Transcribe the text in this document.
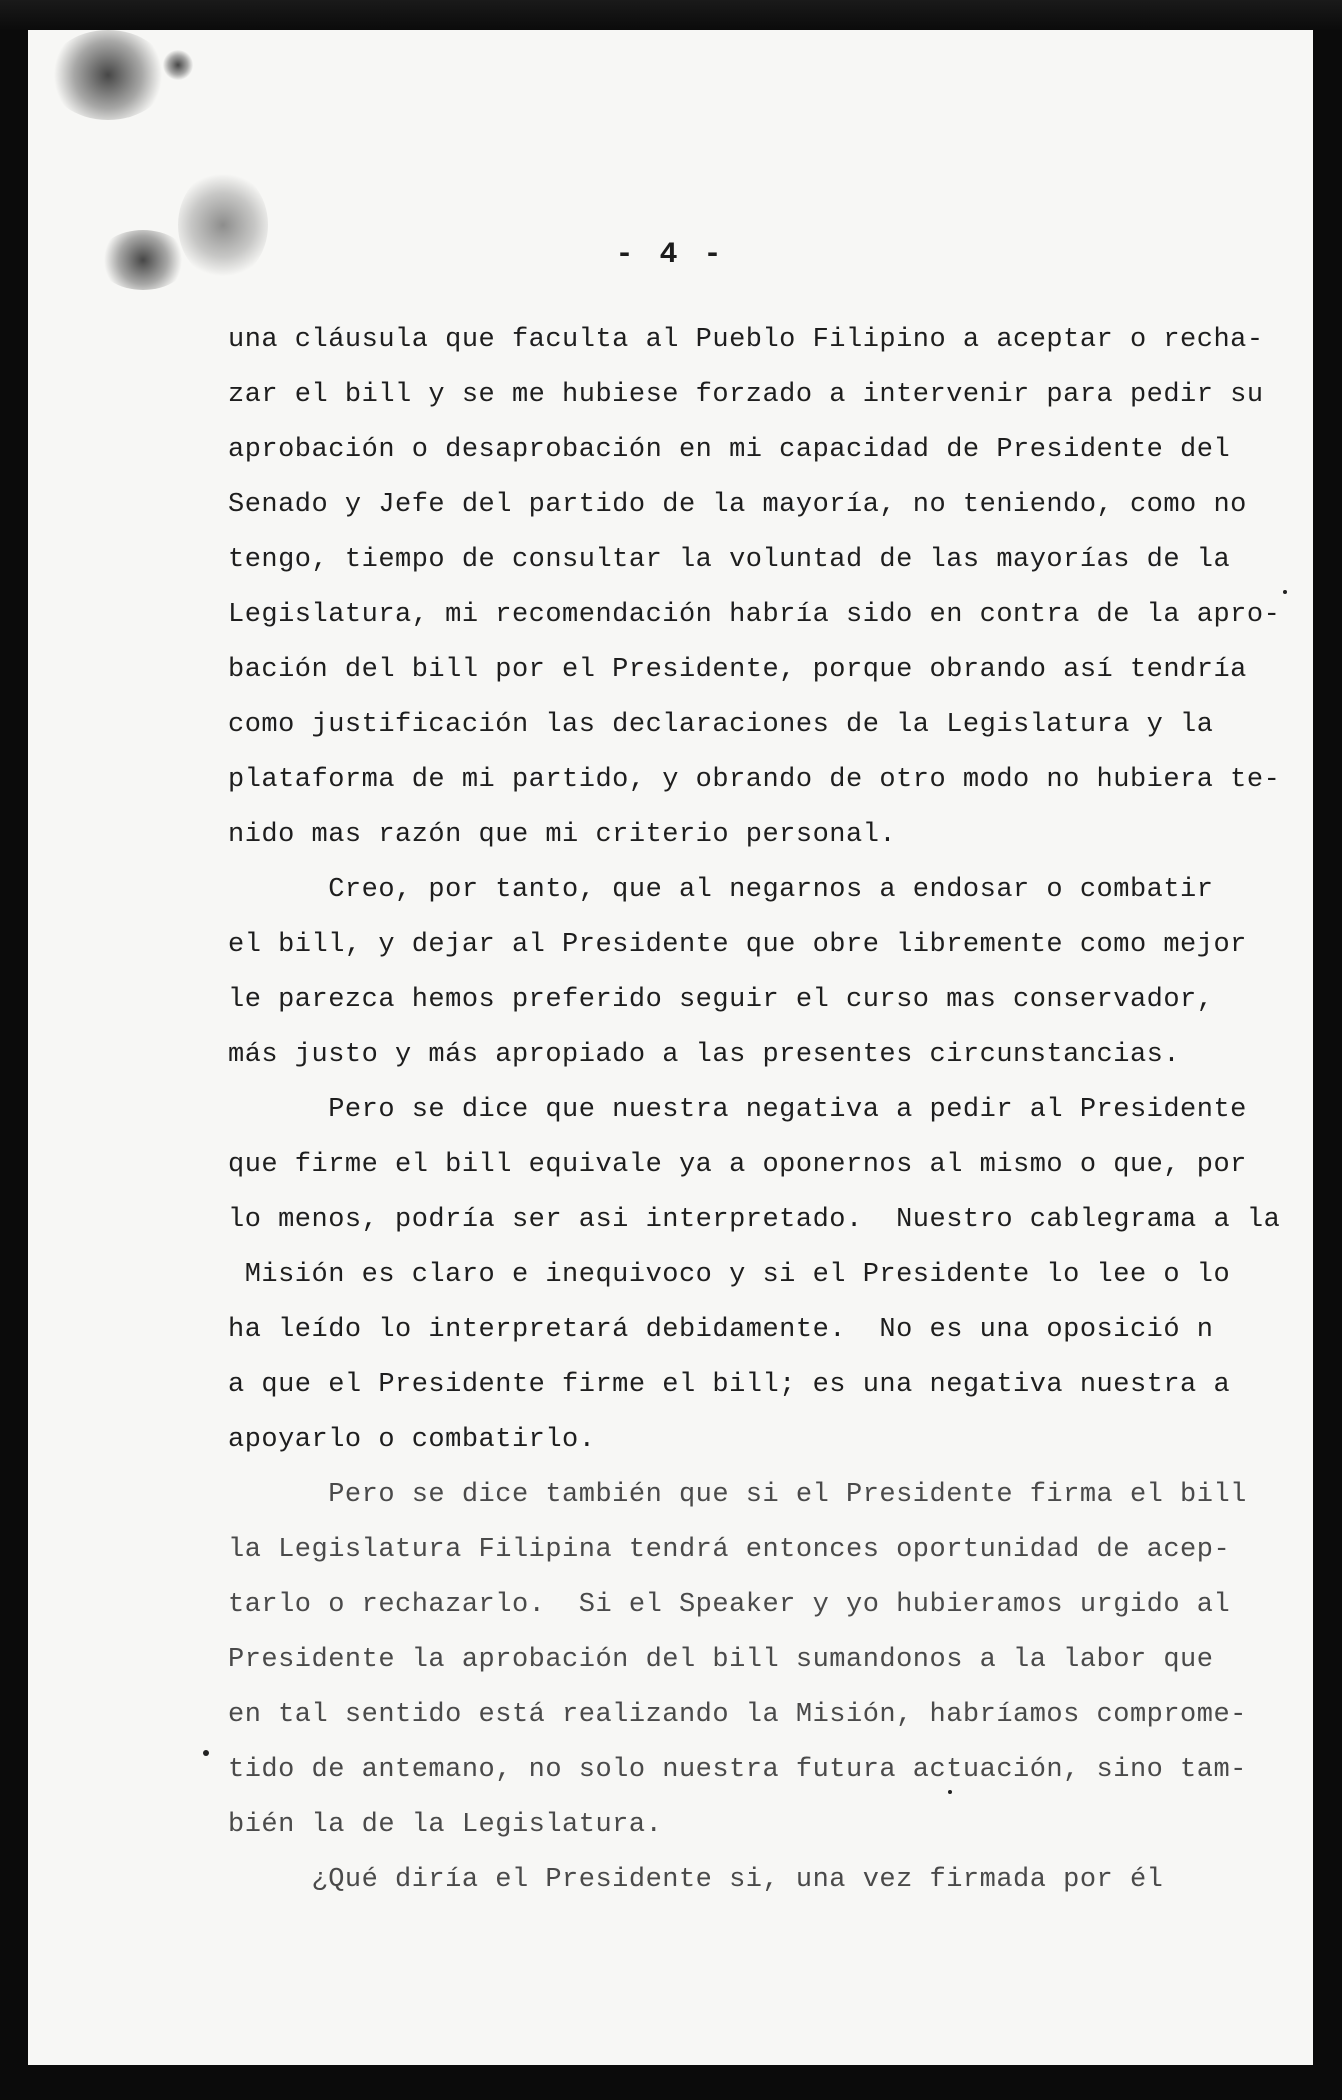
- 4 -
una cláusula que faculta al Pueblo Filipino a aceptar o recha-
zar el bill y se me hubiese forzado a intervenir para pedir su
aprobación o desaprobación en mi capacidad de Presidente del
Senado y Jefe del partido de la mayoría, no teniendo, como no
tengo, tiempo de consultar la voluntad de las mayorías de la
Legislatura, mi recomendación habría sido en contra de la apro-
bación del bill por el Presidente, porque obrando así tendría
como justificación las declaraciones de la Legislatura y la
plataforma de mi partido, y obrando de otro modo no hubiera te-
nido mas razón que mi criterio personal.
Creo, por tanto, que al negarnos a endosar o combatir
el bill, y dejar al Presidente que obre libremente como mejor
le parezca hemos preferido seguir el curso mas conservador,
más justo y más apropiado a las presentes circunstancias.
Pero se dice que nuestra negativa a pedir al Presidente
que firme el bill equivale ya a oponernos al mismo o que, por
lo menos, podría ser asi interpretado.  Nuestro cablegrama a la
Misión es claro e inequivoco y si el Presidente lo lee o lo
ha leído lo interpretará debidamente.  No es una oposició n
a que el Presidente firme el bill; es una negativa nuestra a
apoyarlo o combatirlo.
Pero se dice también que si el Presidente firma el bill
la Legislatura Filipina tendrá entonces oportunidad de acep-
tarlo o rechazarlo.  Si el Speaker y yo hubieramos urgido al
Presidente la aprobación del bill sumandonos a la labor que
en tal sentido está realizando la Misión, habríamos comprome-
tido de antemano, no solo nuestra futura actuación, sino tam-
bién la de la Legislatura.
¿Qué diría el Presidente si, una vez firmada por él
